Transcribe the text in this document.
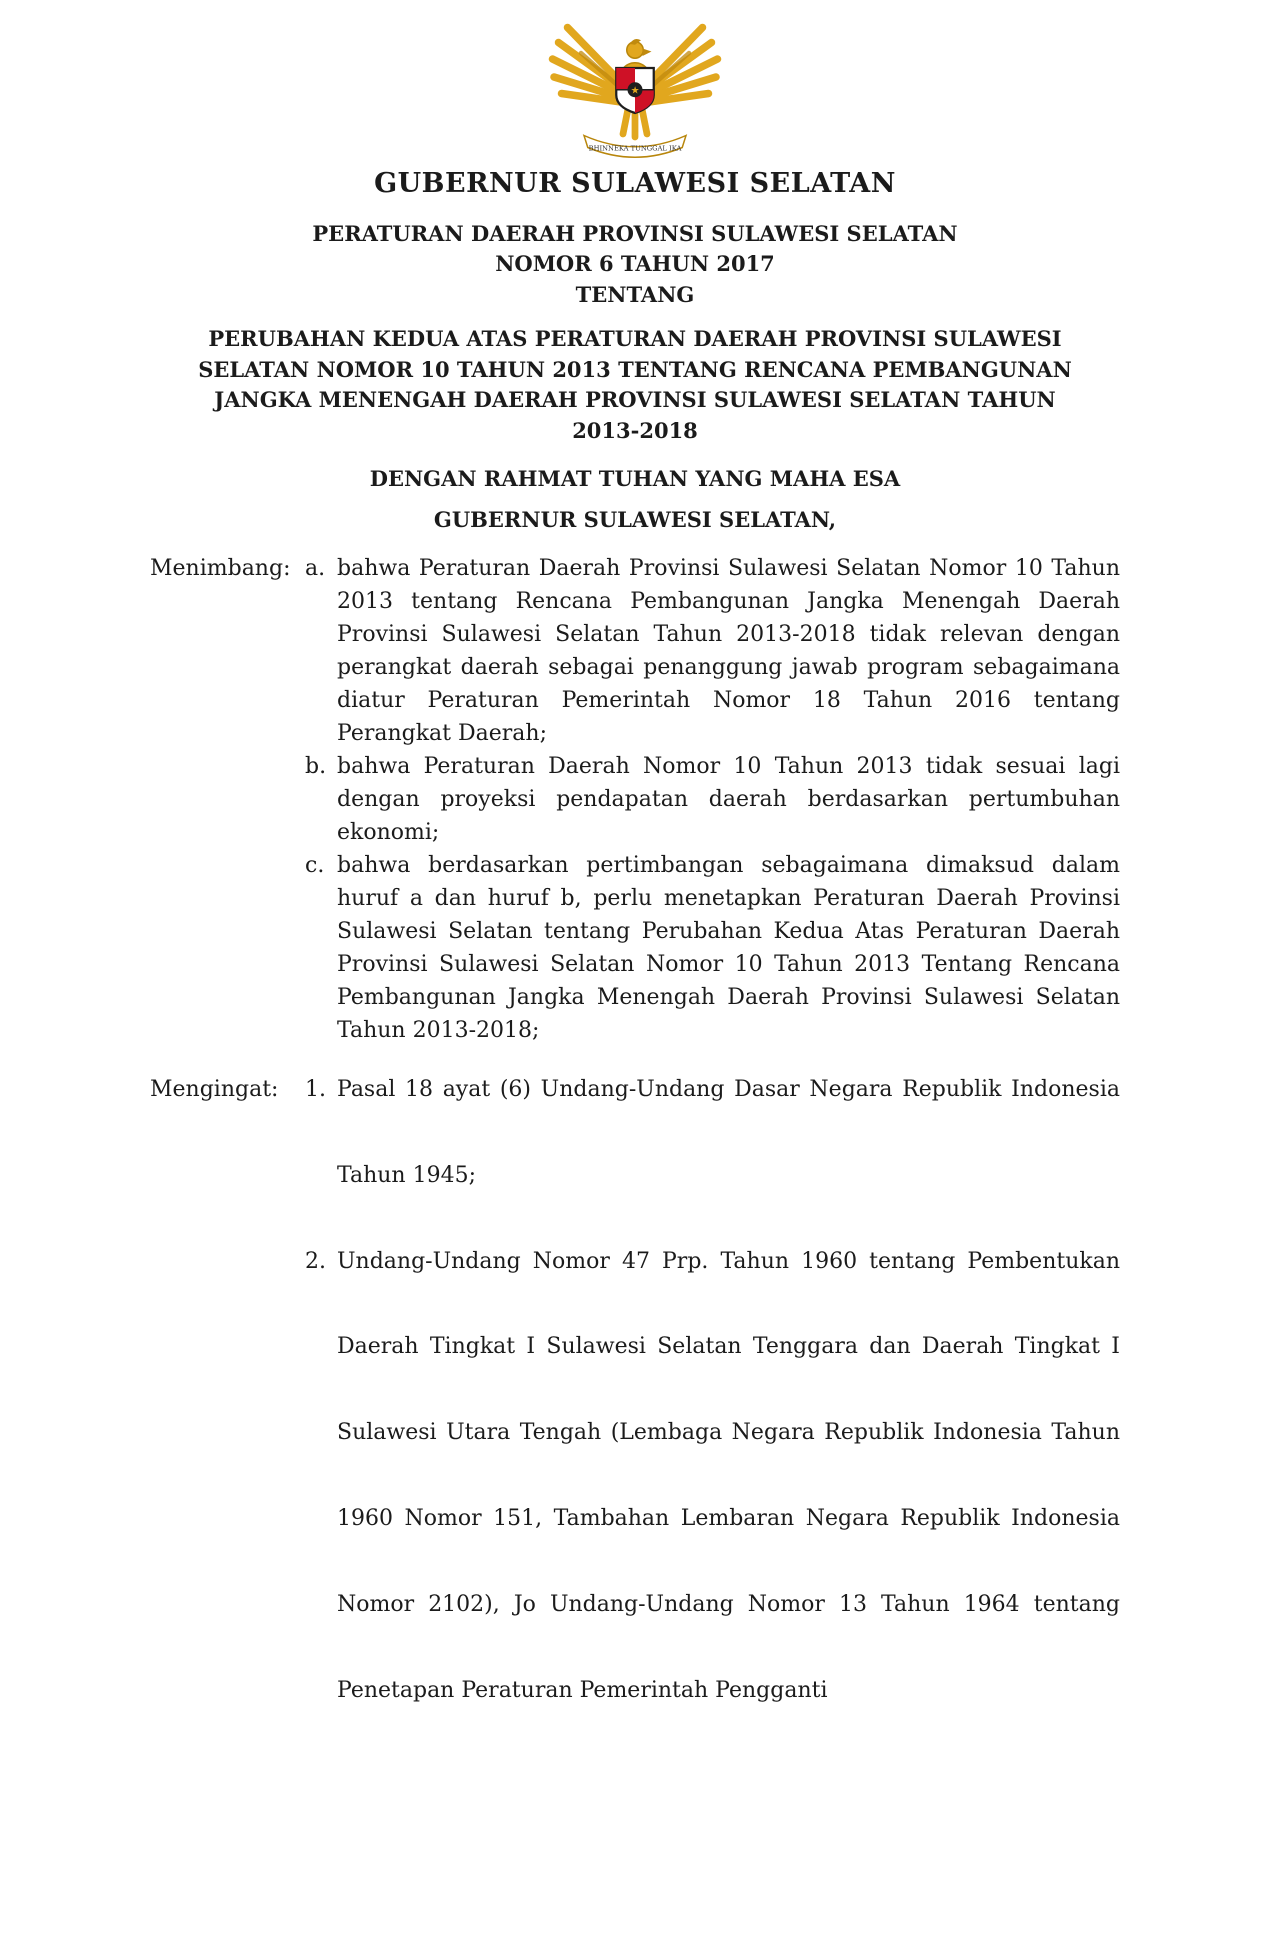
★
BHINNEKA TUNGGAL IKA
GUBERNUR SULAWESI SELATAN
PERATURAN DAERAH PROVINSI SULAWESI SELATAN
NOMOR 6 TAHUN 2017
TENTANG
PERUBAHAN KEDUA ATAS PERATURAN DAERAH PROVINSI SULAWESI SELATAN NOMOR 10 TAHUN 2013 TENTANG RENCANA PEMBANGUNAN JANGKA MENENGAH DAERAH PROVINSI SULAWESI SELATAN TAHUN 2013-2018
DENGAN RAHMAT TUHAN YANG MAHA ESA
GUBERNUR SULAWESI SELATAN,
Menimbang: a. bahwa Peraturan Daerah Provinsi Sulawesi Selatan Nomor 10 Tahun 2013 tentang Rencana Pembangunan Jangka Menengah Daerah Provinsi Sulawesi Selatan Tahun 2013-2018 tidak relevan dengan perangkat daerah sebagai penanggung jawab program sebagaimana diatur Peraturan Pemerintah Nomor 18 Tahun 2016 tentang Perangkat Daerah;
b. bahwa Peraturan Daerah Nomor 10 Tahun 2013 tidak sesuai lagi dengan proyeksi pendapatan daerah berdasarkan pertumbuhan ekonomi;
c. bahwa berdasarkan pertimbangan sebagaimana dimaksud dalam huruf a dan huruf b, perlu menetapkan Peraturan Daerah Provinsi Sulawesi Selatan tentang Perubahan Kedua Atas Peraturan Daerah Provinsi Sulawesi Selatan Nomor 10 Tahun 2013 Tentang Rencana Pembangunan Jangka Menengah Daerah Provinsi Sulawesi Selatan Tahun 2013-2018;
Mengingat:	1. Pasal 18 ayat (6) Undang-Undang Dasar Negara Republik Indonesia Tahun 1945;
2. Undang-Undang Nomor 47 Prp. Tahun 1960 tentang Pembentukan Daerah Tingkat I Sulawesi Selatan Tenggara dan Daerah Tingkat I Sulawesi Utara Tengah (Lembaga Negara Republik Indonesia Tahun 1960 Nomor 151, Tambahan Lembaran Negara Republik Indonesia Nomor 2102), Jo Undang-Undang Nomor 13 Tahun 1964 tentang Penetapan Peraturan Pemerintah Pengganti
